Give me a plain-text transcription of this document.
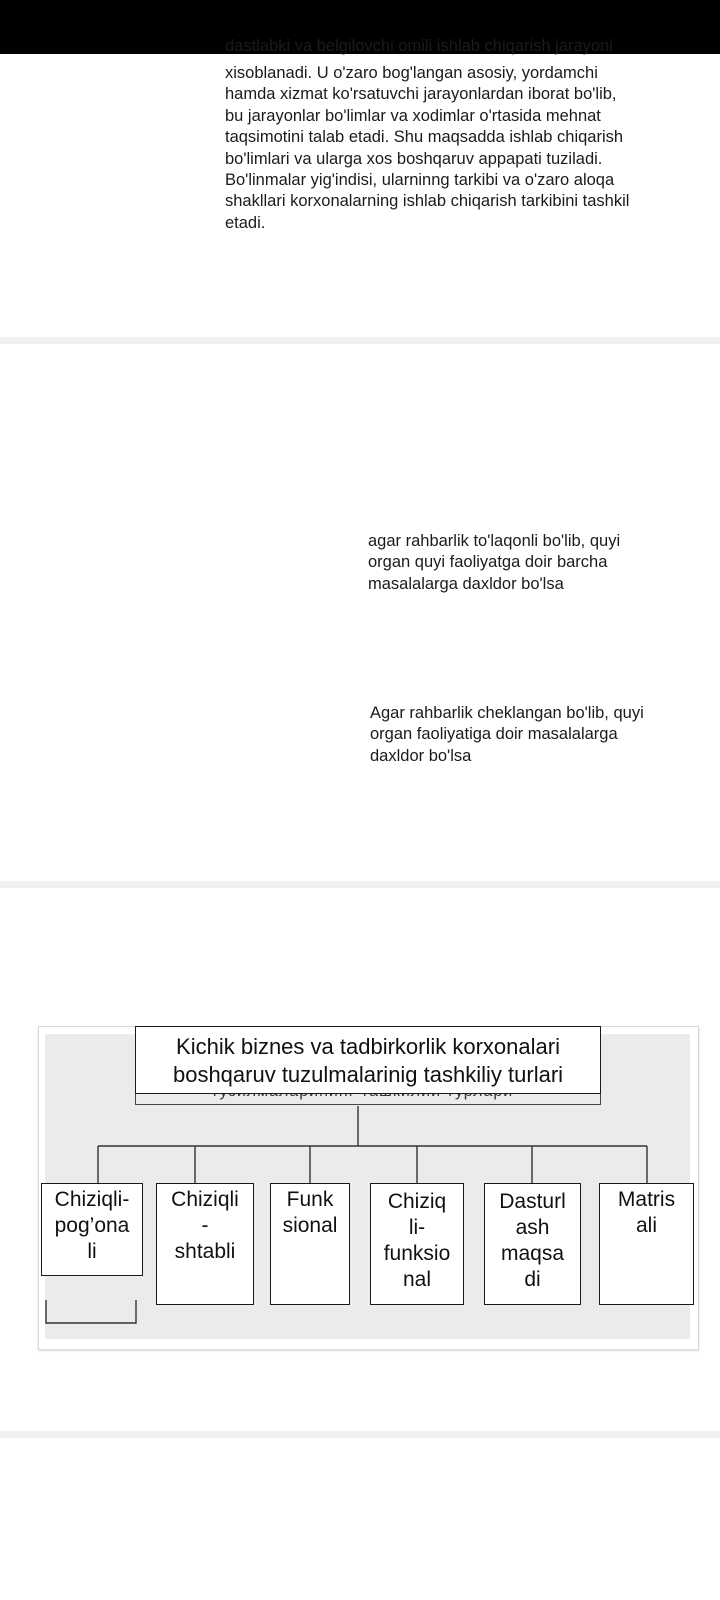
dastlabki va belgilovchi omili ishlab chiqarish jarayoni
xisoblanadi. U o'zaro bog'langan asosiy, yordamchi
hamda xizmat ko'rsatuvchi jarayonlardan iborat bo'lib,
bu jarayonlar bo'limlar va xodimlar o'rtasida mehnat
taqsimotini talab etadi. Shu maqsadda ishlab chiqarish
bo'limlari va ularga xos boshqaruv appapati tuziladi.
Bo'linmalar yig'indisi, ularninng tarkibi va o'zaro aloqa
shakllari korxonalarning ishlab chiqarish tarkibini tashkil
etadi.
agar rahbarlik to'laqonli bo'lib, quyi
organ quyi faoliyatga doir barcha
masalalarga daxldor bo'lsa
Agar rahbarlik cheklangan bo'lib, quyi
organ faoliyatiga doir masalalarga
daxldor bo'lsa
Kichik biznes va tadbirkorlik korxonalari
boshqaruv tuzulmalarinig tashkiliy turlari
Chiziqli-
pog’ona
li
Chiziqli
-
shtabli
Funk
sional
Chiziq
li-
funksio
nal
Dasturl
ash
maqsa
di
Matris
ali
